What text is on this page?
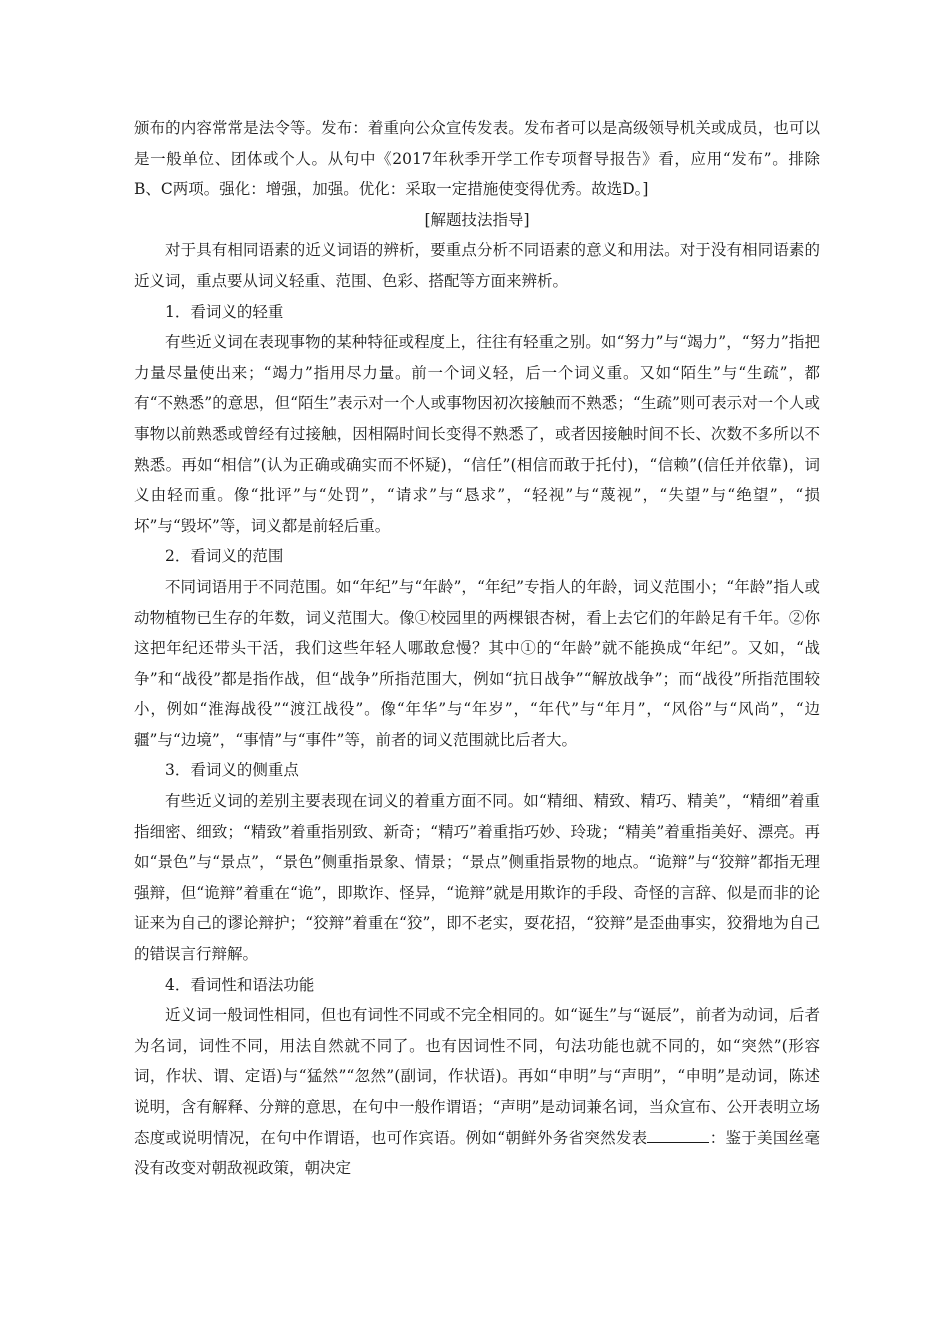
颁布的内容常常是法令等。发布：着重向公众宣传发表。发布者可以是高级领导机关或成员，也可以是一般单位、团体或个人。从句中《2017年秋季开学工作专项督导报告》看，应用“发布”。排除B、C两项。强化：增强，加强。优化：采取一定措施使变得优秀。故选D。]

[解题技法指导]

对于具有相同语素的近义词语的辨析，要重点分析不同语素的意义和用法。对于没有相同语素的近义词，重点要从词义轻重、范围、色彩、搭配等方面来辨析。

1．看词义的轻重

有些近义词在表现事物的某种特征或程度上，往往有轻重之别。如“努力”与“竭力”，“努力”指把力量尽量使出来；“竭力”指用尽力量。前一个词义轻，后一个词义重。又如“陌生”与“生疏”，都有“不熟悉”的意思，但“陌生”表示对一个人或事物因初次接触而不熟悉；“生疏”则可表示对一个人或事物以前熟悉或曾经有过接触，因相隔时间长变得不熟悉了，或者因接触时间不长、次数不多所以不熟悉。再如“相信”(认为正确或确实而不怀疑)，“信任”(相信而敢于托付)，“信赖”(信任并依靠)，词义由轻而重。像“批评”与“处罚”，“请求”与“恳求”，“轻视”与“蔑视”，“失望”与“绝望”，“损坏”与“毁坏”等，词义都是前轻后重。

2．看词义的范围

不同词语用于不同范围。如“年纪”与“年龄”，“年纪”专指人的年龄，词义范围小；“年龄”指人或动物植物已生存的年数，词义范围大。像①校园里的两棵银杏树，看上去它们的年龄足有千年。②你这把年纪还带头干活，我们这些年轻人哪敢怠慢？其中①的“年龄”就不能换成“年纪”。又如，“战争”和“战役”都是指作战，但“战争”所指范围大，例如“抗日战争”“解放战争”；而“战役”所指范围较小，例如“淮海战役”“渡江战役”。像“年华”与“年岁”，“年代”与“年月”，“风俗”与“风尚”，“边疆”与“边境”，“事情”与“事件”等，前者的词义范围就比后者大。

3．看词义的侧重点

有些近义词的差别主要表现在词义的着重方面不同。如“精细、精致、精巧、精美”，“精细”着重指细密、细致；“精致”着重指别致、新奇；“精巧”着重指巧妙、玲珑；“精美”着重指美好、漂亮。再如“景色”与“景点”，“景色”侧重指景象、情景；“景点”侧重指景物的地点。“诡辩”与“狡辩”都指无理强辩，但“诡辩”着重在“诡”，即欺诈、怪异，“诡辩”就是用欺诈的手段、奇怪的言辞、似是而非的论证来为自己的谬论辩护；“狡辩”着重在“狡”，即不老实，耍花招，“狡辩”是歪曲事实，狡猾地为自己的错误言行辩解。

4．看词性和语法功能

近义词一般词性相同，但也有词性不同或不完全相同的。如“诞生”与“诞辰”，前者为动词，后者为名词，词性不同，用法自然就不同了。也有因词性不同，句法功能也就不同的，如“突然”(形容词，作状、谓、定语)与“猛然”“忽然”(副词，作状语)。再如“申明”与“声明”，“申明”是动词，陈述说明，含有解释、分辩的意思，在句中一般作谓语；“声明”是动词兼名词，当众宣布、公开表明立场态度或说明情况，在句中作谓语，也可作宾语。例如“朝鲜外务省突然发表	：鉴于美国丝毫没有改变对朝敌视政策，朝决定
